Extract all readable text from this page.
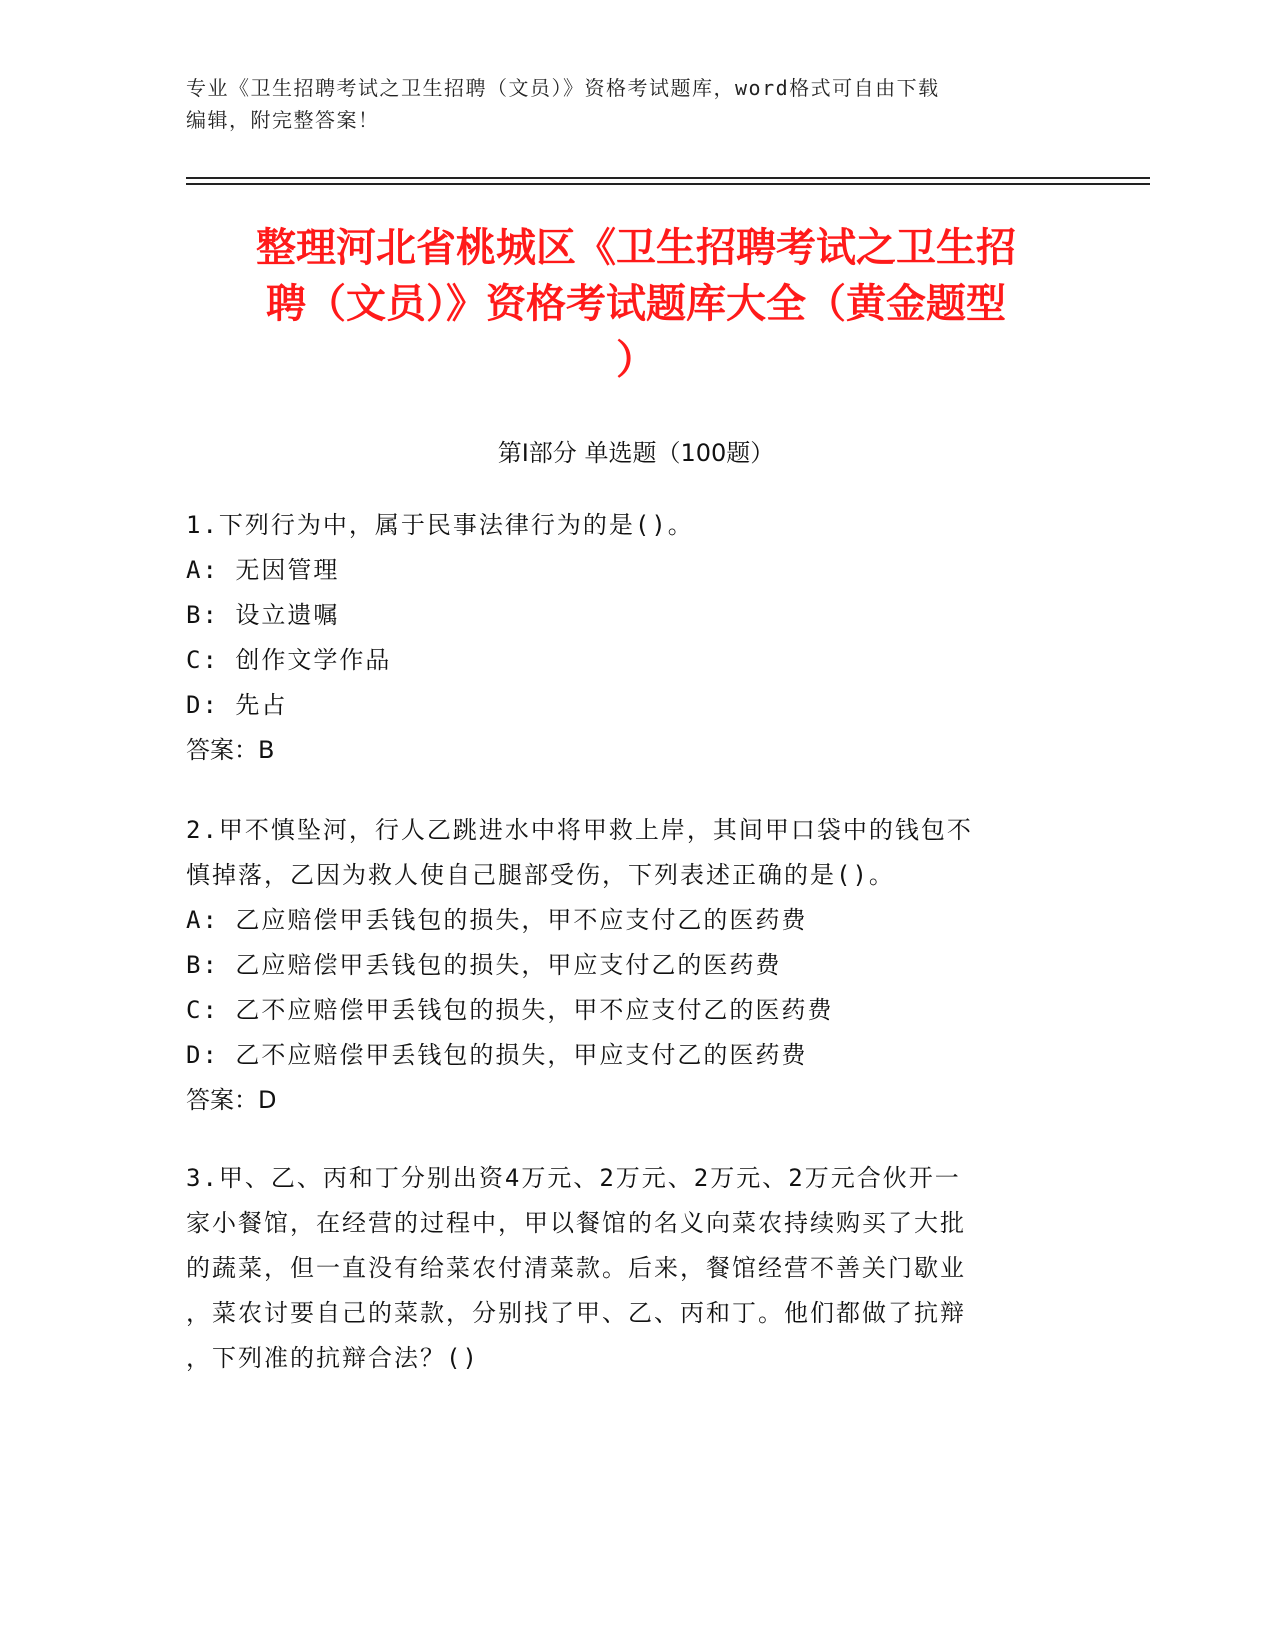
专业《卫生招聘考试之卫生招聘（文员）》资格考试题库，word格式可自由下载
编辑，附完整答案！
整理河北省桃城区《卫生招聘考试之卫生招
聘（文员）》资格考试题库大全（黄金题型
）
第Ⅰ部分 单选题（100题）
1.下列行为中，属于民事法律行为的是()。
A: 无因管理
B: 设立遗嘱
C: 创作文学作品
D: 先占
答案：B
2.甲不慎坠河，行人乙跳进水中将甲救上岸，其间甲口袋中的钱包不
慎掉落，乙因为救人使自己腿部受伤，下列表述正确的是()。
A: 乙应赔偿甲丢钱包的损失，甲不应支付乙的医药费
B: 乙应赔偿甲丢钱包的损失，甲应支付乙的医药费
C: 乙不应赔偿甲丢钱包的损失，甲不应支付乙的医药费
D: 乙不应赔偿甲丢钱包的损失，甲应支付乙的医药费
答案：D
3.甲、乙、丙和丁分别出资4万元、2万元、2万元、2万元合伙开一
家小餐馆，在经营的过程中，甲以餐馆的名义向菜农持续购买了大批
的蔬菜，但一直没有给菜农付清菜款。后来，餐馆经营不善关门歇业
，菜农讨要自己的菜款，分别找了甲、乙、丙和丁。他们都做了抗辩
，下列准的抗辩合法？()
